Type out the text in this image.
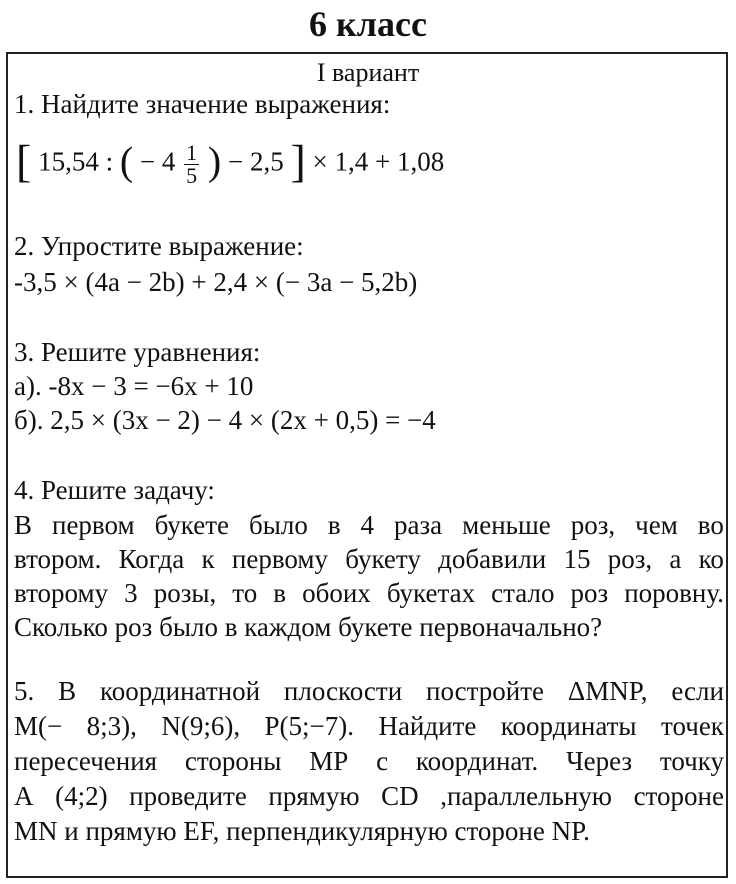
6 класс
I вариант
1. Найдите значение выражения:
[ 15,54 : ( − $4 \frac{1}{5}$ ) − 2,5 ] × 1,4 + 1,08
2. Упростите выражение:
-3,5 × (4a − 2b) + 2,4 × (− 3a − 5,2b)
3. Решите уравнения:
а). -8x − 3 = −6x + 10
б). 2,5 × (3x − 2) − 4 × (2x + 0,5) = −4
4. Решите задачу:
В первом букете было в 4 раза меньше роз, чем во
втором. Когда к первому букету добавили 15 роз, а ко
второму 3 розы, то в обоих букетах стало роз поровну.
Сколько роз было в каждом букете первоначально?
5. В координатной плоскости постройте ΔMNP, если
M(− 8;3), N(9;6), P(5;−7). Найдите координаты точек
пересечения стороны MP с координат. Через точку
A (4;2) проведите прямую CD ,параллельную стороне
MN и прямую EF, перпендикулярную стороне NP.
